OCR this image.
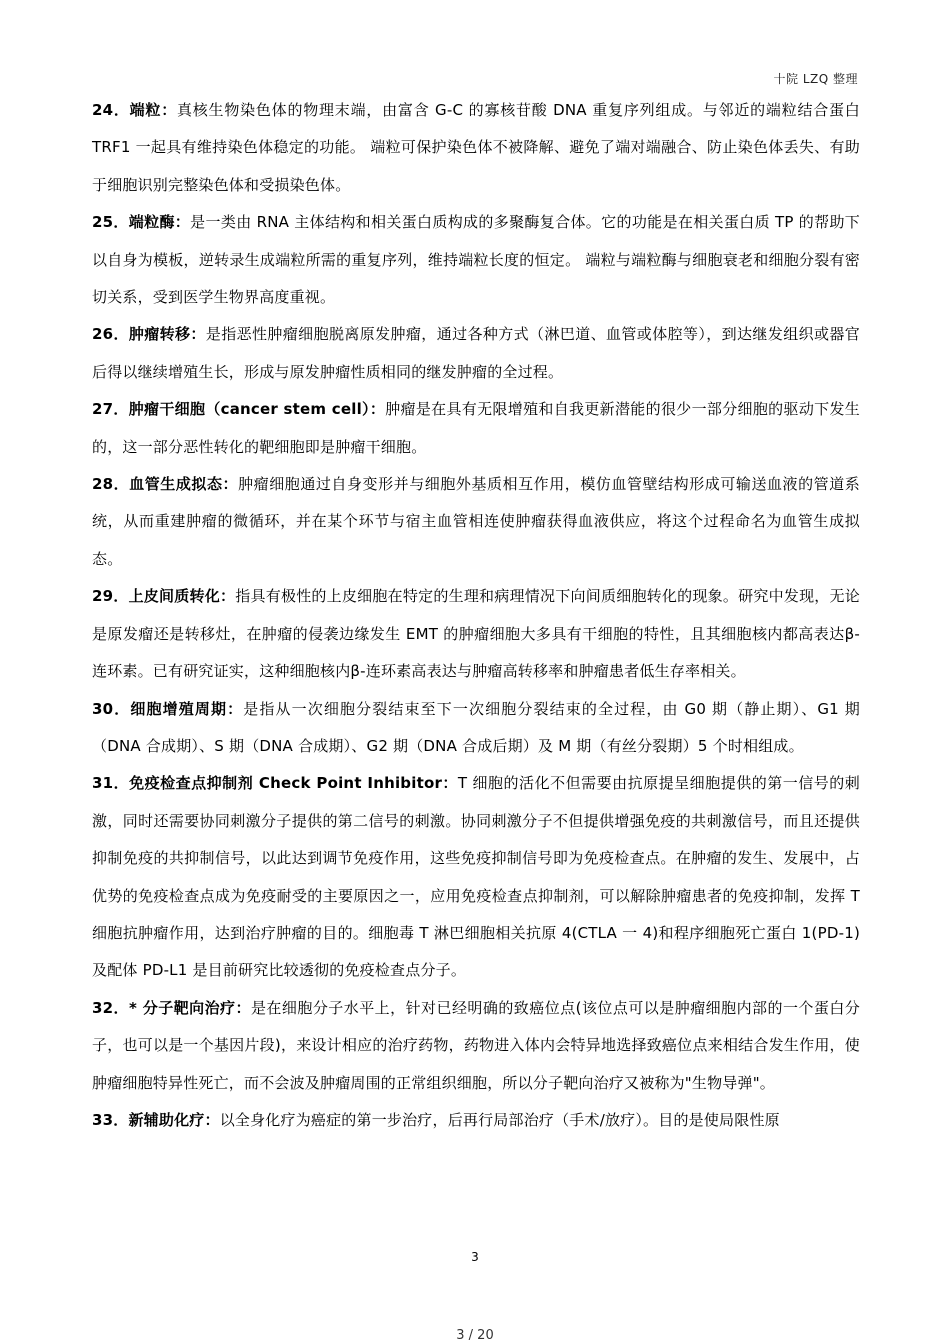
十院 LZQ 整理

24．端粒：真核生物染色体的物理末端，由富含 G-C 的寡核苷酸 DNA 重复序列组成。与邻近的端粒结合蛋白 TRF1 一起具有维持染色体稳定的功能。 端粒可保护染色体不被降解、避免了端对端融合、防止染色体丢失、有助于细胞识别完整染色体和受损染色体。

25．端粒酶：是一类由 RNA 主体结构和相关蛋白质构成的多聚酶复合体。它的功能是在相关蛋白质 TP 的帮助下以自身为模板，逆转录生成端粒所需的重复序列，维持端粒长度的恒定。 端粒与端粒酶与细胞衰老和细胞分裂有密切关系，受到医学生物界高度重视。

26．肿瘤转移：是指恶性肿瘤细胞脱离原发肿瘤，通过各种方式（淋巴道、血管或体腔等），到达继发组织或器官后得以继续增殖生长，形成与原发肿瘤性质相同的继发肿瘤的全过程。

27．肿瘤干细胞（cancer stem cell）：肿瘤是在具有无限增殖和自我更新潜能的很少一部分细胞的驱动下发生的，这一部分恶性转化的靶细胞即是肿瘤干细胞。

28．血管生成拟态：肿瘤细胞通过自身变形并与细胞外基质相互作用，模仿血管壁结构形成可输送血液的管道系统，从而重建肿瘤的微循环，并在某个环节与宿主血管相连使肿瘤获得血液供应，将这个过程命名为血管生成拟态。

29．上皮间质转化：指具有极性的上皮细胞在特定的生理和病理情况下向间质细胞转化的现象。研究中发现，无论是原发瘤还是转移灶，在肿瘤的侵袭边缘发生 EMT 的肿瘤细胞大多具有干细胞的特性，且其细胞核内都高表达β-连环素。已有研究证实，这种细胞核内β-连环素高表达与肿瘤高转移率和肿瘤患者低生存率相关。

30．细胞增殖周期：是指从一次细胞分裂结束至下一次细胞分裂结束的全过程，由 G0 期（静止期）、G1 期（DNA 合成期）、S 期（DNA 合成期）、G2 期（DNA 合成后期）及 M 期（有丝分裂期）5 个时相组成。

31．免疫检查点抑制剂 Check Point Inhibitor：T 细胞的活化不但需要由抗原提呈细胞提供的第一信号的刺激，同时还需要协同刺激分子提供的第二信号的刺激。协同刺激分子不但提供增强免疫的共刺激信号，而且还提供抑制免疫的共抑制信号，以此达到调节免疫作用，这些免疫抑制信号即为免疫检查点。在肿瘤的发生、发展中，占优势的免疫检查点成为免疫耐受的主要原因之一，应用免疫检查点抑制剂，可以解除肿瘤患者的免疫抑制，发挥 T 细胞抗肿瘤作用，达到治疗肿瘤的目的。细胞毒 T 淋巴细胞相关抗原 4(CTLA 一 4)和程序细胞死亡蛋白 1(PD-1)及配体 PD-L1 是目前研究比较透彻的免疫检查点分子。

32．* 分子靶向治疗：是在细胞分子水平上，针对已经明确的致癌位点(该位点可以是肿瘤细胞内部的一个蛋白分子，也可以是一个基因片段)，来设计相应的治疗药物，药物进入体内会特异地选择致癌位点来相结合发生作用，使肿瘤细胞特异性死亡，而不会波及肿瘤周围的正常组织细胞，所以分子靶向治疗又被称为"生物导弹"。

33．新辅助化疗：以全身化疗为癌症的第一步治疗，后再行局部治疗（手术/放疗）。目的是使局限性原

3
3 / 20
